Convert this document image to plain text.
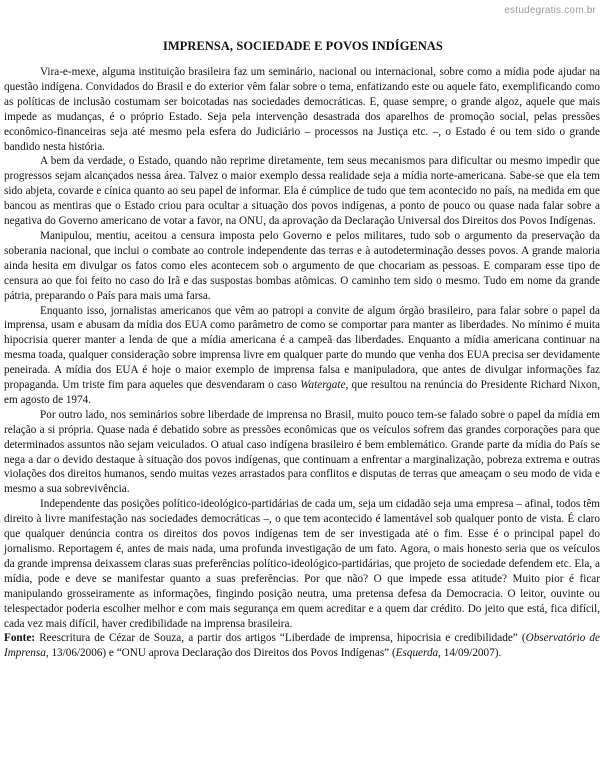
estudegratis.com.br
IMPRENSA, SOCIEDADE E POVOS INDÍGENAS

Vira-e-mexe, alguma instituição brasileira faz um seminário, nacional ou internacional, sobre como a mídia pode ajudar na questão indígena. Convidados do Brasil e do exterior vêm falar sobre o tema, enfatizando este ou aquele fato, exemplificando como as políticas de inclusão costumam ser boicotadas nas sociedades democráticas. E, quase sempre, o grande algoz, aquele que mais impede as mudanças, é o próprio Estado. Seja pela intervenção desastrada dos aparelhos de promoção social, pelas pressões econômico-financeiras seja até mesmo pela esfera do Judiciário – processos na Justiça etc. –, o Estado é ou tem sido o grande bandido nesta história.

A bem da verdade, o Estado, quando não reprime diretamente, tem seus mecanismos para dificultar ou mesmo impedir que progressos sejam alcançados nessa área. Talvez o maior exemplo dessa realidade seja a mídia norte-americana. Sabe-se que ela tem sido abjeta, covarde e cínica quanto ao seu papel de informar. Ela é cúmplice de tudo que tem acontecido no país, na medida em que bancou as mentiras que o Estado criou para ocultar a situação dos povos indígenas, a ponto de pouco ou quase nada falar sobre a negativa do Governo americano de votar a favor, na ONU, da aprovação da Declaração Universal dos Direitos dos Povos Indígenas.

Manipulou, mentiu, aceitou a censura imposta pelo Governo e pelos militares, tudo sob o argumento da preservação da soberania nacional, que inclui o combate ao controle independente das terras e à autodeterminação desses povos. A grande maioria ainda hesita em divulgar os fatos como eles acontecem sob o argumento de que chocariam as pessoas. E comparam esse tipo de censura ao que foi feito no caso do Irã e das suspostas bombas atômicas. O caminho tem sido o mesmo. Tudo em nome da grande pátria, preparando o País para mais uma farsa.

Enquanto isso, jornalistas americanos que vêm ao patropi a convite de algum órgão brasileiro, para falar sobre o papel da imprensa, usam e abusam da mídia dos EUA como parâmetro de como se comportar para manter as liberdades. No mínimo é muita hipocrisia querer manter a lenda de que a mídia americana é a campeã das liberdades. Enquanto a mídia americana continuar na mesma toada, qualquer consideração sobre imprensa livre em qualquer parte do mundo que venha dos EUA precisa ser devidamente peneirada. A mídia dos EUA é hoje o maior exemplo de imprensa falsa e manipuladora, que antes de divulgar informações faz propaganda. Um triste fim para aqueles que desvendaram o caso Watergate, que resultou na renúncia do Presidente Richard Nixon, em agosto de 1974.

Por outro lado, nos seminários sobre liberdade de imprensa no Brasil, muito pouco tem-se falado sobre o papel da mídia em relação a si própria. Quase nada é debatido sobre as pressões econômicas que os veículos sofrem das grandes corporações para que determinados assuntos não sejam veiculados. O atual caso indígena brasileiro é bem emblemático. Grande parte da mídia do País se nega a dar o devido destaque à situação dos povos indígenas, que continuam a enfrentar a marginalização, pobreza extrema e outras violações dos direitos humanos, sendo muitas vezes arrastados para conflitos e disputas de terras que ameaçam o seu modo de vida e mesmo a sua sobrevivência.

Independente das posições político-ideológico-partidárias de cada um, seja um cidadão seja uma empresa – afinal, todos têm direito à livre manifestação nas sociedades democráticas –, o que tem acontecido é lamentável sob qualquer ponto de vista. É claro que qualquer denúncia contra os direitos dos povos indígenas tem de ser investigada até o fim. Esse é o principal papel do jornalismo. Reportagem é, antes de mais nada, uma profunda investigação de um fato. Agora, o mais honesto seria que os veículos da grande imprensa deixassem claras suas preferências político-ideológico-partidárias, que projeto de sociedade defendem etc. Ela, a mídia, pode e deve se manifestar quanto a suas preferências. Por que não? O que impede essa atitude? Muito pior é ficar manipulando grosseiramente as informações, fingindo posição neutra, uma pretensa defesa da Democracia. O leitor, ouvinte ou telespectador poderia escolher melhor e com mais segurança em quem acreditar e a quem dar crédito. Do jeito que está, fica difícil, cada vez mais difícil, haver credibilidade na imprensa brasileira.

Fonte: Reescritura de Cézar de Souza, a partir dos artigos “Liberdade de imprensa, hipocrisia e credibilidade” (Observatório de Imprensa, 13/06/2006) e “ONU aprova Declaração dos Direitos dos Povos Indígenas” (Esquerda, 14/09/2007).
